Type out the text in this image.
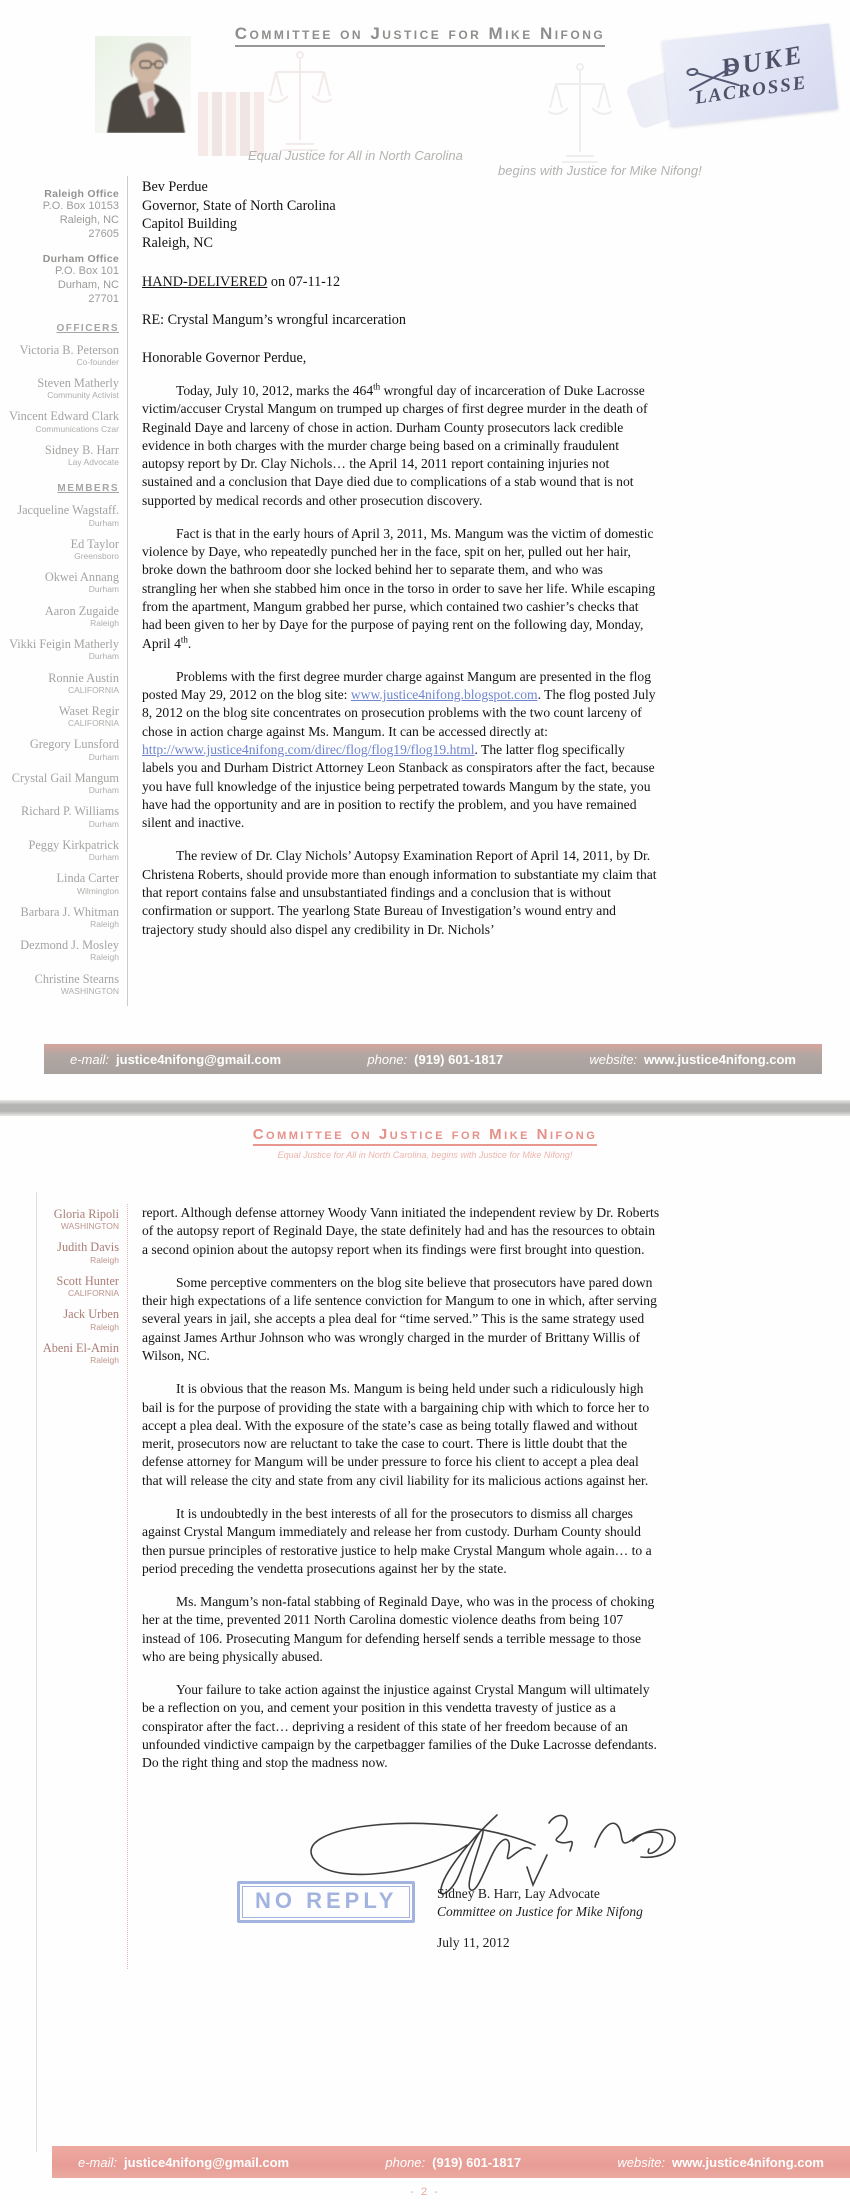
Committee on Justice for Mike Nifong
DUKE
LACROSSE
Equal Justice for All in North Carolina
begins with Justice for Mike Nifong!
Raleigh Office
P.O. Box 10153
Raleigh, NC
27605
Durham Office
P.O. Box 101
Durham, NC
27701
OFFICERS
Victoria B. Peterson
Co-founder
Steven Matherly
Community Activist
Vincent Edward Clark
Communications Czar
Sidney B. Harr
Lay Advocate
MEMBERS
Jacqueline Wagstaff.
Durham
Ed Taylor
Greensboro
Okwei Annang
Durham
Aaron Zugaide
Raleigh
Vikki Feigin Matherly
Durham
Ronnie Austin
CALIFORNIA
Waset Regir
CALIFORNIA
Gregory Lunsford
Durham
Crystal Gail Mangum
Durham
Richard P. Williams
Durham
Peggy Kirkpatrick
Durham
Linda Carter
Wilmington
Barbara J. Whitman
Raleigh
Dezmond J. Mosley
Raleigh
Christine Stearns
WASHINGTON
Bev Perdue
Governor, State of North Carolina
Capitol Building
Raleigh, NC
HAND-DELIVERED on 07-11-12
RE: Crystal Mangum’s wrongful incarceration
Honorable Governor Perdue,

Today, July 10, 2012, marks the 464th wrongful day of incarceration of Duke Lacrosse victim/accuser Crystal Mangum on trumped up charges of first degree murder in the death of Reginald Daye and larceny of chose in action. Durham County prosecutors lack credible evidence in both charges with the murder charge being based on a criminally fraudulent autopsy report by Dr. Clay Nichols… the April 14, 2011 report containing injuries not sustained and a conclusion that Daye died due to complications of a stab wound that is not supported by medical records and other prosecution discovery.

Fact is that in the early hours of April 3, 2011, Ms. Mangum was the victim of domestic violence by Daye, who repeatedly punched her in the face, spit on her, pulled out her hair, broke down the bathroom door she locked behind her to separate them, and who was strangling her when she stabbed him once in the torso in order to save her life. While escaping from the apartment, Mangum grabbed her purse, which contained two cashier’s checks that had been given to her by Daye for the purpose of paying rent on the following day, Monday, April 4th.

Problems with the first degree murder charge against Mangum are presented in the flog posted May 29, 2012 on the blog site: www.justice4nifong.blogspot.com. The flog posted July 8, 2012 on the blog site concentrates on prosecution problems with the two count larceny of chose in action charge against Ms. Mangum. It can be accessed directly at: http://www.justice4nifong.com/direc/flog/flog19/flog19.html. The latter flog specifically labels you and Durham District Attorney Leon Stanback as conspirators after the fact, because you have full knowledge of the injustice being perpetrated towards Mangum by the state, you have had the opportunity and are in position to rectify the problem, and you have remained silent and inactive.

The review of Dr. Clay Nichols’ Autopsy Examination Report of April 14, 2011, by Dr. Christena Roberts, should provide more than enough information to substantiate my claim that that report contains false and unsubstantiated findings and a conclusion that is without confirmation or support. The yearlong State Bureau of Investigation’s wound entry and trajectory study should also dispel any credibility in Dr. Nichols’

e-mail: justice4nifong@gmail.com	phone: (919) 601-1817	website: www.justice4nifong.com
Committee on Justice for Mike Nifong
Equal Justice for All in North Carolina, begins with Justice for Mike Nifong!
Gloria Ripoli
WASHINGTON
Judith Davis
Raleigh
Scott Hunter
CALIFORNIA
Jack Urben
Raleigh
Abeni El-Amin
Raleigh

report. Although defense attorney Woody Vann initiated the independent review by Dr. Roberts of the autopsy report of Reginald Daye, the state definitely had and has the resources to obtain a second opinion about the autopsy report when its findings were first brought into question.

Some perceptive commenters on the blog site believe that prosecutors have pared down their high expectations of a life sentence conviction for Mangum to one in which, after serving several years in jail, she accepts a plea deal for “time served.” This is the same strategy used against James Arthur Johnson who was wrongly charged in the murder of Brittany Willis of Wilson, NC.

It is obvious that the reason Ms. Mangum is being held under such a ridiculously high bail is for the purpose of providing the state with a bargaining chip with which to force her to accept a plea deal. With the exposure of the state’s case as being totally flawed and without merit, prosecutors now are reluctant to take the case to court. There is little doubt that the defense attorney for Mangum will be under pressure to force his client to accept a plea deal that will release the city and state from any civil liability for its malicious actions against her.

It is undoubtedly in the best interests of all for the prosecutors to dismiss all charges against Crystal Mangum immediately and release her from custody. Durham County should then pursue principles of restorative justice to help make Crystal Mangum whole again… to a period preceding the vendetta prosecutions against her by the state.

Ms. Mangum’s non-fatal stabbing of Reginald Daye, who was in the process of choking her at the time, prevented 2011 North Carolina domestic violence deaths from being 107 instead of 106. Prosecuting Mangum for defending herself sends a terrible message to those who are being physically abused.

Your failure to take action against the injustice against Crystal Mangum will ultimately be a reflection on you, and cement your position in this vendetta travesty of justice as a conspirator after the fact… depriving a resident of this state of her freedom because of an unfounded vindictive campaign by the carpetbagger families of the Duke Lacrosse defendants. Do the right thing and stop the madness now.

NO REPLY	Sidney B. Harr, Lay Advocate
Committee on Justice for Mike Nifong
July 11, 2012
e-mail: justice4nifong@gmail.com	phone: (919) 601-1817	website: www.justice4nifong.com
- 2 -
